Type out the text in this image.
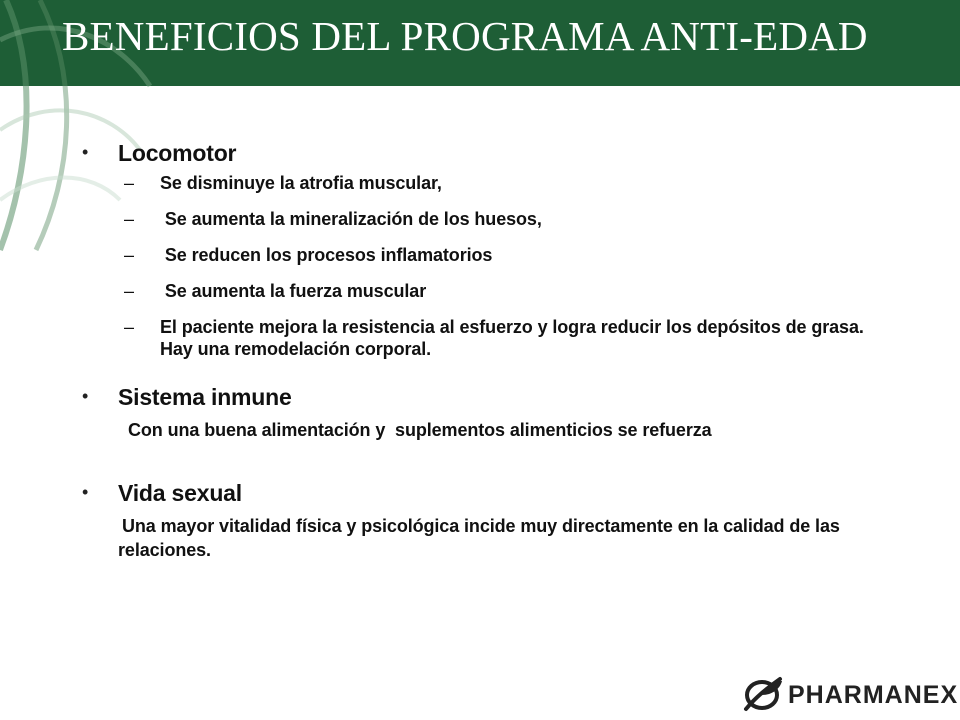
BENEFICIOS DEL PROGRAMA ANTI-EDAD
• Locomotor
– Se disminuye la atrofia muscular,
– Se aumenta la mineralización de los huesos,
– Se reducen los procesos inflamatorios
– Se aumenta la fuerza muscular
– El paciente mejora la resistencia al esfuerzo y logra reducir los depósitos de grasa. Hay una remodelación corporal.
• Sistema inmune
Con una buena alimentación y  suplementos alimenticios se refuerza
• Vida sexual
Una mayor vitalidad física y psicológica incide muy directamente en la calidad de las relaciones.
PHARMANEX
